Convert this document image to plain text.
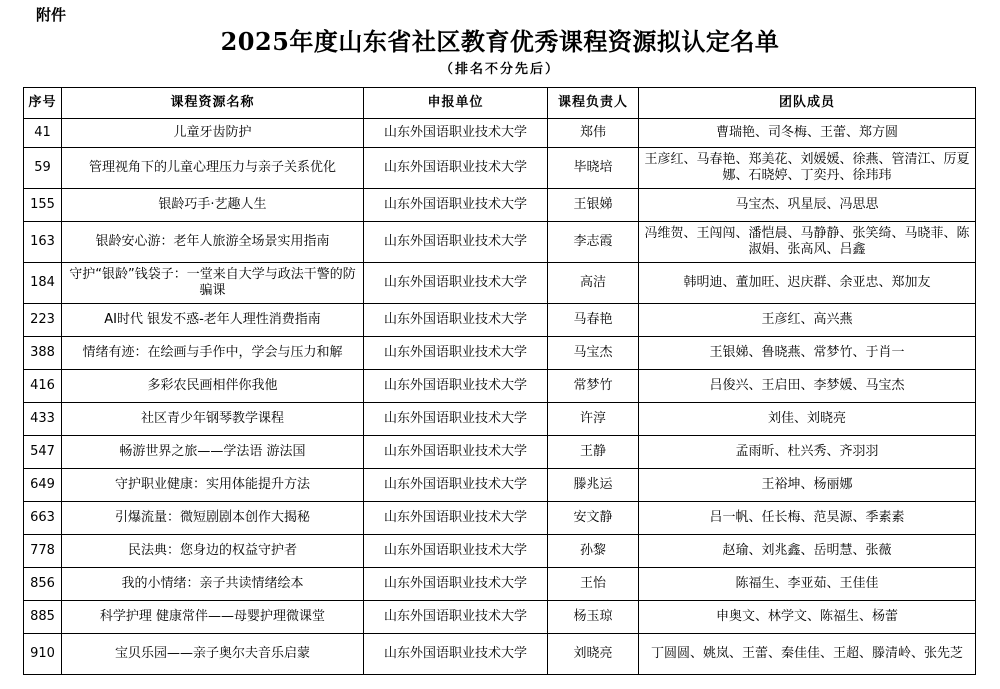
附件
2025年度山东省社区教育优秀课程资源拟认定名单
（排名不分先后）
序号	课程资源名称	申报单位	课程负责人	团队成员
41	儿童牙齿防护	山东外国语职业技术大学	郑伟	曹瑞艳、司冬梅、王蕾、郑方圆
59	管理视角下的儿童心理压力与亲子关系优化	山东外国语职业技术大学	毕晓培	王彦红、马春艳、郑美花、刘媛媛、徐燕、管清江、厉夏娜、石晓婷、丁奕丹、徐玮玮
155	银龄巧手·艺趣人生	山东外国语职业技术大学	王银娣	马宝杰、巩星辰、冯思思
163	银龄安心游：老年人旅游全场景实用指南	山东外国语职业技术大学	李志霞	冯维贺、王闯闯、潘恺晨、马静静、张笑绮、马晓菲、陈淑娟、张高风、吕鑫
184	守护“银龄”钱袋子：一堂来自大学与政法干警的防骗课	山东外国语职业技术大学	高洁	韩明迪、董加旺、迟庆群、余亚忠、郑加友
223	AI时代 银发不惑-老年人理性消费指南	山东外国语职业技术大学	马春艳	王彦红、高兴燕
388	情绪有迹：在绘画与手作中，学会与压力和解	山东外国语职业技术大学	马宝杰	王银娣、鲁晓燕、常梦竹、于肖一
416	多彩农民画相伴你我他	山东外国语职业技术大学	常梦竹	吕俊兴、王启田、李梦媛、马宝杰
433	社区青少年钢琴教学课程	山东外国语职业技术大学	许淳	刘佳、刘晓亮
547	畅游世界之旅——学法语 游法国	山东外国语职业技术大学	王静	孟雨昕、杜兴秀、齐羽羽
649	守护职业健康：实用体能提升方法	山东外国语职业技术大学	滕兆运	王裕坤、杨丽娜
663	引爆流量：微短剧剧本创作大揭秘	山东外国语职业技术大学	安文静	吕一帆、任长梅、范昊源、季素素
778	民法典：您身边的权益守护者	山东外国语职业技术大学	孙黎	赵瑜、刘兆鑫、岳明慧、张薇
856	我的小情绪：亲子共读情绪绘本	山东外国语职业技术大学	王怡	陈福生、李亚茹、王佳佳
885	科学护理 健康常伴——母婴护理微课堂	山东外国语职业技术大学	杨玉琼	申奥文、林学文、陈福生、杨蕾
910	宝贝乐园——亲子奥尔夫音乐启蒙	山东外国语职业技术大学	刘晓亮	丁圆圆、姚岚、王蕾、秦佳佳、王超、滕清岭、张先芝
